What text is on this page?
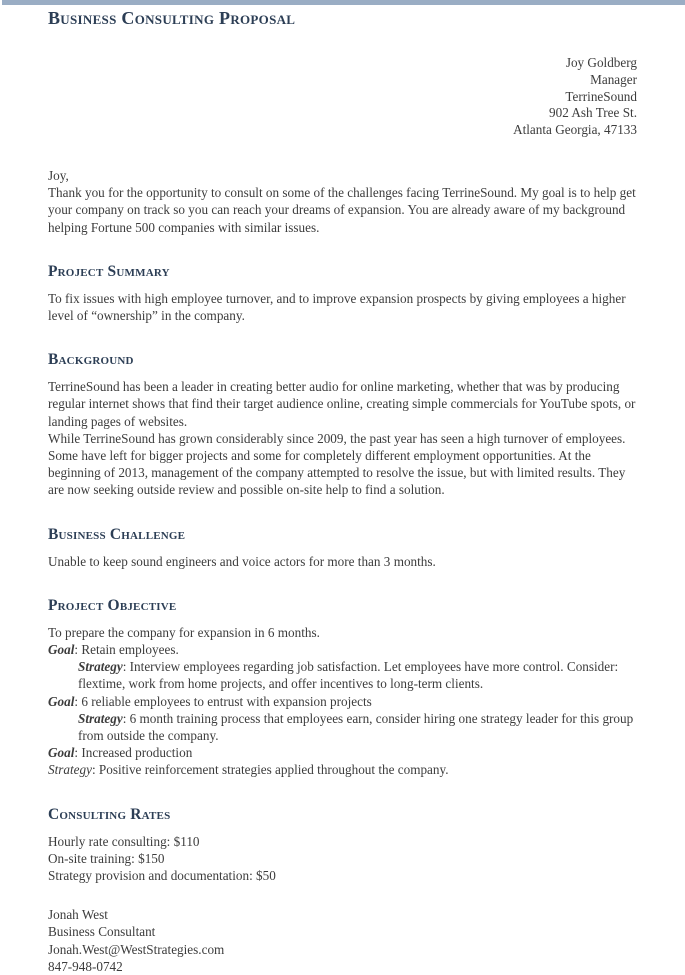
Business Consulting Proposal
Joy Goldberg
Manager
TerrineSound
902 Ash Tree St.
Atlanta Georgia, 47133

Joy,

Thank you for the opportunity to consult on some of the challenges facing TerrineSound. My goal is to help get your company on track so you can reach your dreams of expansion. You are already aware of my background helping Fortune 500 companies with similar issues.

Project Summary

To fix issues with high employee turnover, and to improve expansion prospects by giving employees a higher level of “ownership” in the company.

Background

TerrineSound has been a leader in creating better audio for online marketing, whether that was by producing regular internet shows that find their target audience online, creating simple commercials for YouTube spots, or landing pages of websites.

While TerrineSound has grown considerably since 2009, the past year has seen a high turnover of employees. Some have left for bigger projects and some for completely different employment opportunities. At the beginning of 2013, management of the company attempted to resolve the issue, but with limited results. They are now seeking outside review and possible on-site help to find a solution.

Business Challenge

Unable to keep sound engineers and voice actors for more than 3 months.

Project Objective

To prepare the company for expansion in 6 months.

Goal: Retain employees.

Strategy: Interview employees regarding job satisfaction. Let employees have more control. Consider: flextime, work from home projects, and offer incentives to long-term clients.

Goal: 6 reliable employees to entrust with expansion projects

Strategy: 6 month training process that employees earn, consider hiring one strategy leader for this group from outside the company.

Goal: Increased production

Strategy: Positive reinforcement strategies applied throughout the company.

Consulting Rates

Hourly rate consulting: $110

On-site training: $150

Strategy provision and documentation: $50

Jonah West
Business Consultant
Jonah.West@WestStrategies.com
847-948-0742
